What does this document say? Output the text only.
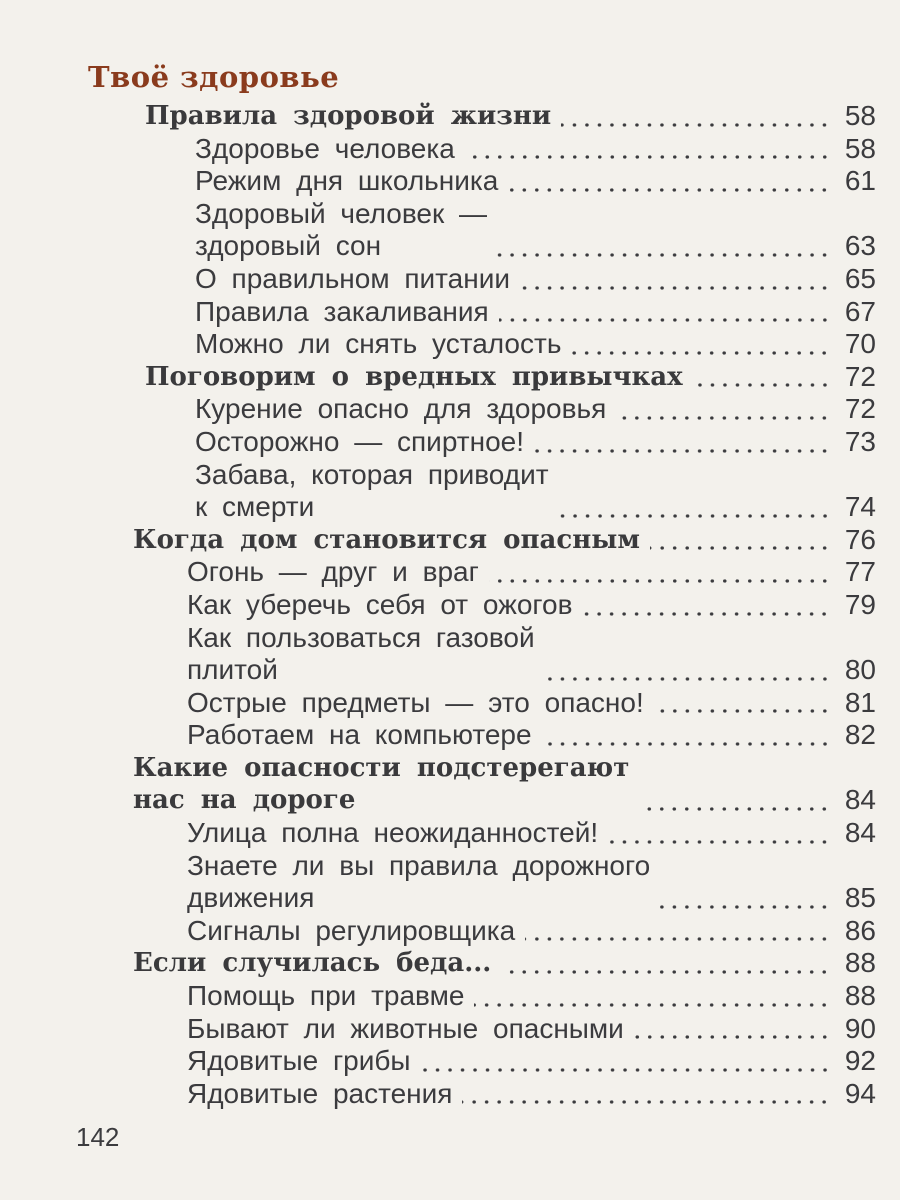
Твоё здоровье
Правила здоровой жизни	58
Здоровье человека	58
Режим дня школьника	61
Здоровый человек —
здоровый сон	63
О правильном питании	65
Правила закаливания	67
Можно ли снять усталость	70
Поговорим о вредных привычках	72
Курение опасно для здоровья	72
Осторожно — спиртное!	73
Забава, которая приводит
к смерти	74
Когда дом становится опасным	76
Огонь — друг и враг	77
Как уберечь себя от ожогов	79
Как пользоваться газовой
плитой	80
Острые предметы — это опасно!	81
Работаем на компьютере	82
Какие опасности подстерегают
нас на дороге	84
Улица полна неожиданностей!	84
Знаете ли вы правила дорожного
движения	85
Сигналы регулировщика	86
Если случилась беда...	88
Помощь при травме	88
Бывают ли животные опасными	90
Ядовитые грибы	92
Ядовитые растения	94
142
